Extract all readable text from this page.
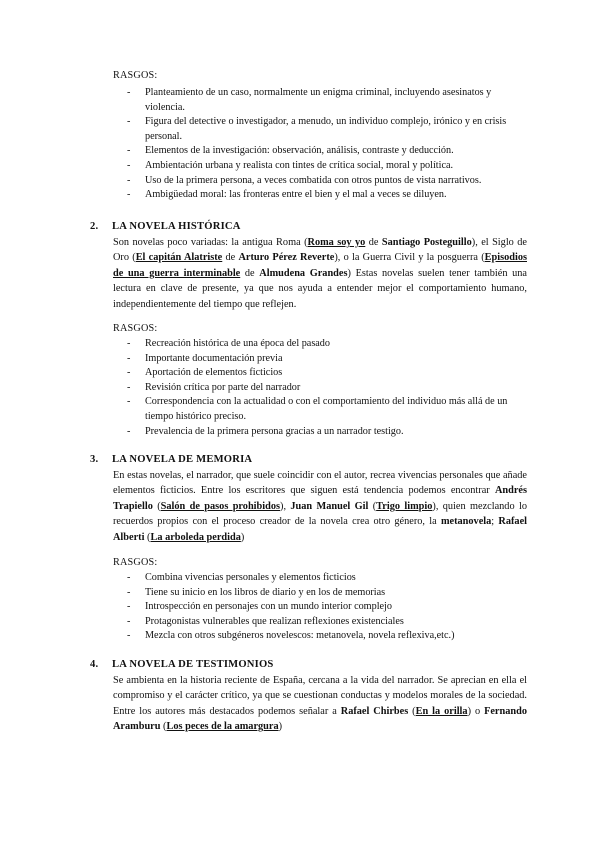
RASGOS:
- Planteamiento de un caso, normalmente un enigma criminal, incluyendo asesinatos y violencia.
- Figura del detective o investigador, a menudo, un individuo complejo, irónico y en crisis personal.
- Elementos de la investigación: observación, análisis, contraste y deducción.
- Ambientación urbana y realista con tintes de crítica social, moral y política.
- Uso de la primera persona, a veces combatida con otros puntos de vista narrativos.
- Ambigüedad moral: las fronteras entre el bien y el mal a veces se diluyen.
2. LA NOVELA HISTÓRICA
Son novelas poco variadas: la antigua Roma (Roma soy yo de Santiago Posteguillo), el Siglo de Oro (El capitán Alatriste de Arturo Pérez Reverte), o la Guerra Civil y la posguerra (Episodios de una guerra interminable de Almudena Grandes) Estas novelas suelen tener también una lectura en clave de presente, ya que nos ayuda a entender mejor el comportamiento humano, independientemente del tiempo que reflejen.
RASGOS:
- Recreación histórica de una época del pasado
- Importante documentación previa
- Aportación de elementos ficticios
- Revisión crítica por parte del narrador
- Correspondencia con la actualidad o con el comportamiento del individuo más allá de un tiempo histórico preciso.
- Prevalencia de la primera persona gracias a un narrador testigo.
3. LA NOVELA DE MEMORIA
En estas novelas, el narrador, que suele coincidir con el autor, recrea vivencias personales que añade elementos ficticios. Entre los escritores que siguen está tendencia podemos encontrar Andrés Trapiello (Salón de pasos prohibidos), Juan Manuel Gil (Trigo limpio), quien mezclando lo recuerdos propios con el proceso creador de la novela crea otro género, la metanovela; Rafael Alberti (La arboleda perdida)
RASGOS:
- Combina vivencias personales y elementos ficticios
- Tiene su inicio en los libros de diario y en los de memorias
- Introspección en personajes con un mundo interior complejo
- Protagonistas vulnerables que realizan reflexiones existenciales
- Mezcla con otros subgéneros novelescos: metanovela, novela reflexiva,etc.)
4. LA NOVELA DE TESTIMONIOS
Se ambienta en la historia reciente de España, cercana a la vida del narrador. Se aprecian en ella el compromiso y el carácter crítico, ya que se cuestionan conductas y modelos morales de la sociedad. Entre los autores más destacados podemos señalar a Rafael Chirbes (En la orilla) o Fernando Aramburu (Los peces de la amargura)
